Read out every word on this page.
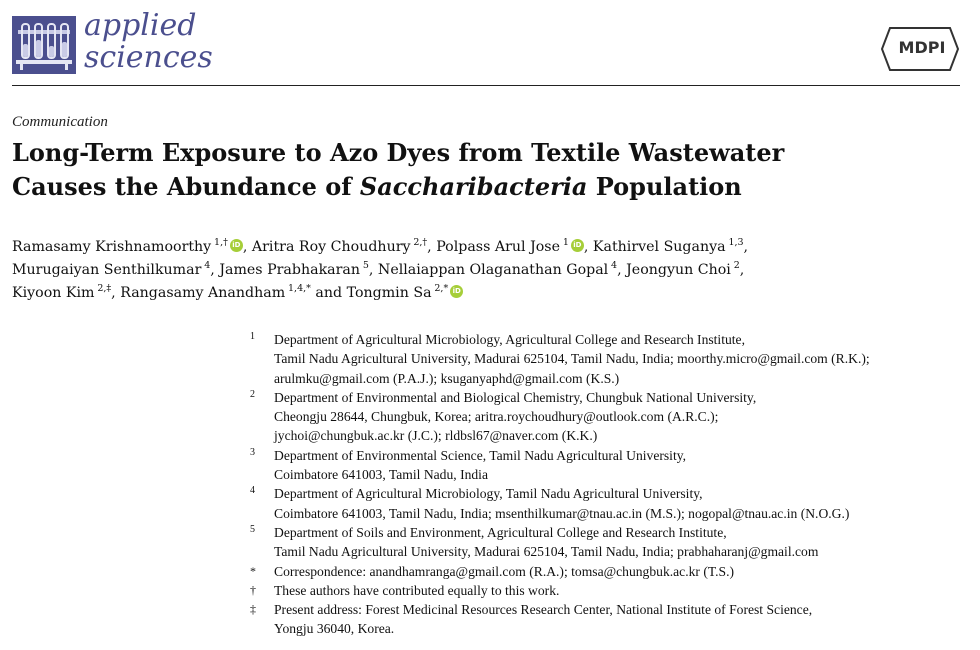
applied
sciences	MDPI
Communication
Long-Term Exposure to Azo Dyes from Textile Wastewater
Causes the Abundance of Saccharibacteria Population
Ramasamy Krishnamoorthy  $^{1,\dagger}$ iD , Aritra Roy Choudhury  $^{2,\dagger}$, Polpass Arul Jose  $^1$ iD , Kathirvel Suganya  $^{1,3}$,
Murugaiyan Senthilkumar  $^4$, James Prabhakaran  $^5$, Nellaiappan Olaganathan Gopal  $^4$, Jeongyun Choi  $^2$,
Kiyoon Kim  $^{2,\ddagger}$, Rangasamy Anandham  $^{1,4,*}$ and Tongmin Sa  $^{2,*}$iD
1 Department of Agricultural Microbiology, Agricultural College and Research Institute,
Tamil Nadu Agricultural University, Madurai 625104, Tamil Nadu, India; moorthy.micro@gmail.com (R.K.);
arulmku@gmail.com (P.A.J.); ksuganyaphd@gmail.com (K.S.)
2 Department of Environmental and Biological Chemistry, Chungbuk National University,
Cheongju 28644, Chungbuk, Korea; aritra.roychoudhury@outlook.com (A.R.C.);
jychoi@chungbuk.ac.kr (J.C.); rldbsl67@naver.com (K.K.)
3 Department of Environmental Science, Tamil Nadu Agricultural University,
Coimbatore 641003, Tamil Nadu, India
4 Department of Agricultural Microbiology, Tamil Nadu Agricultural University,
Coimbatore 641003, Tamil Nadu, India; msenthilkumar@tnau.ac.in (M.S.); nogopal@tnau.ac.in (N.O.G.)
5 Department of Soils and Environment, Agricultural College and Research Institute,
Tamil Nadu Agricultural University, Madurai 625104, Tamil Nadu, India; prabhaharanj@gmail.com
* Correspondence: anandhamranga@gmail.com (R.A.); tomsa@chungbuk.ac.kr (T.S.)
† These authors have contributed equally to this work.
‡ Present address: Forest Medicinal Resources Research Center, National Institute of Forest Science,
Yongju 36040, Korea.
